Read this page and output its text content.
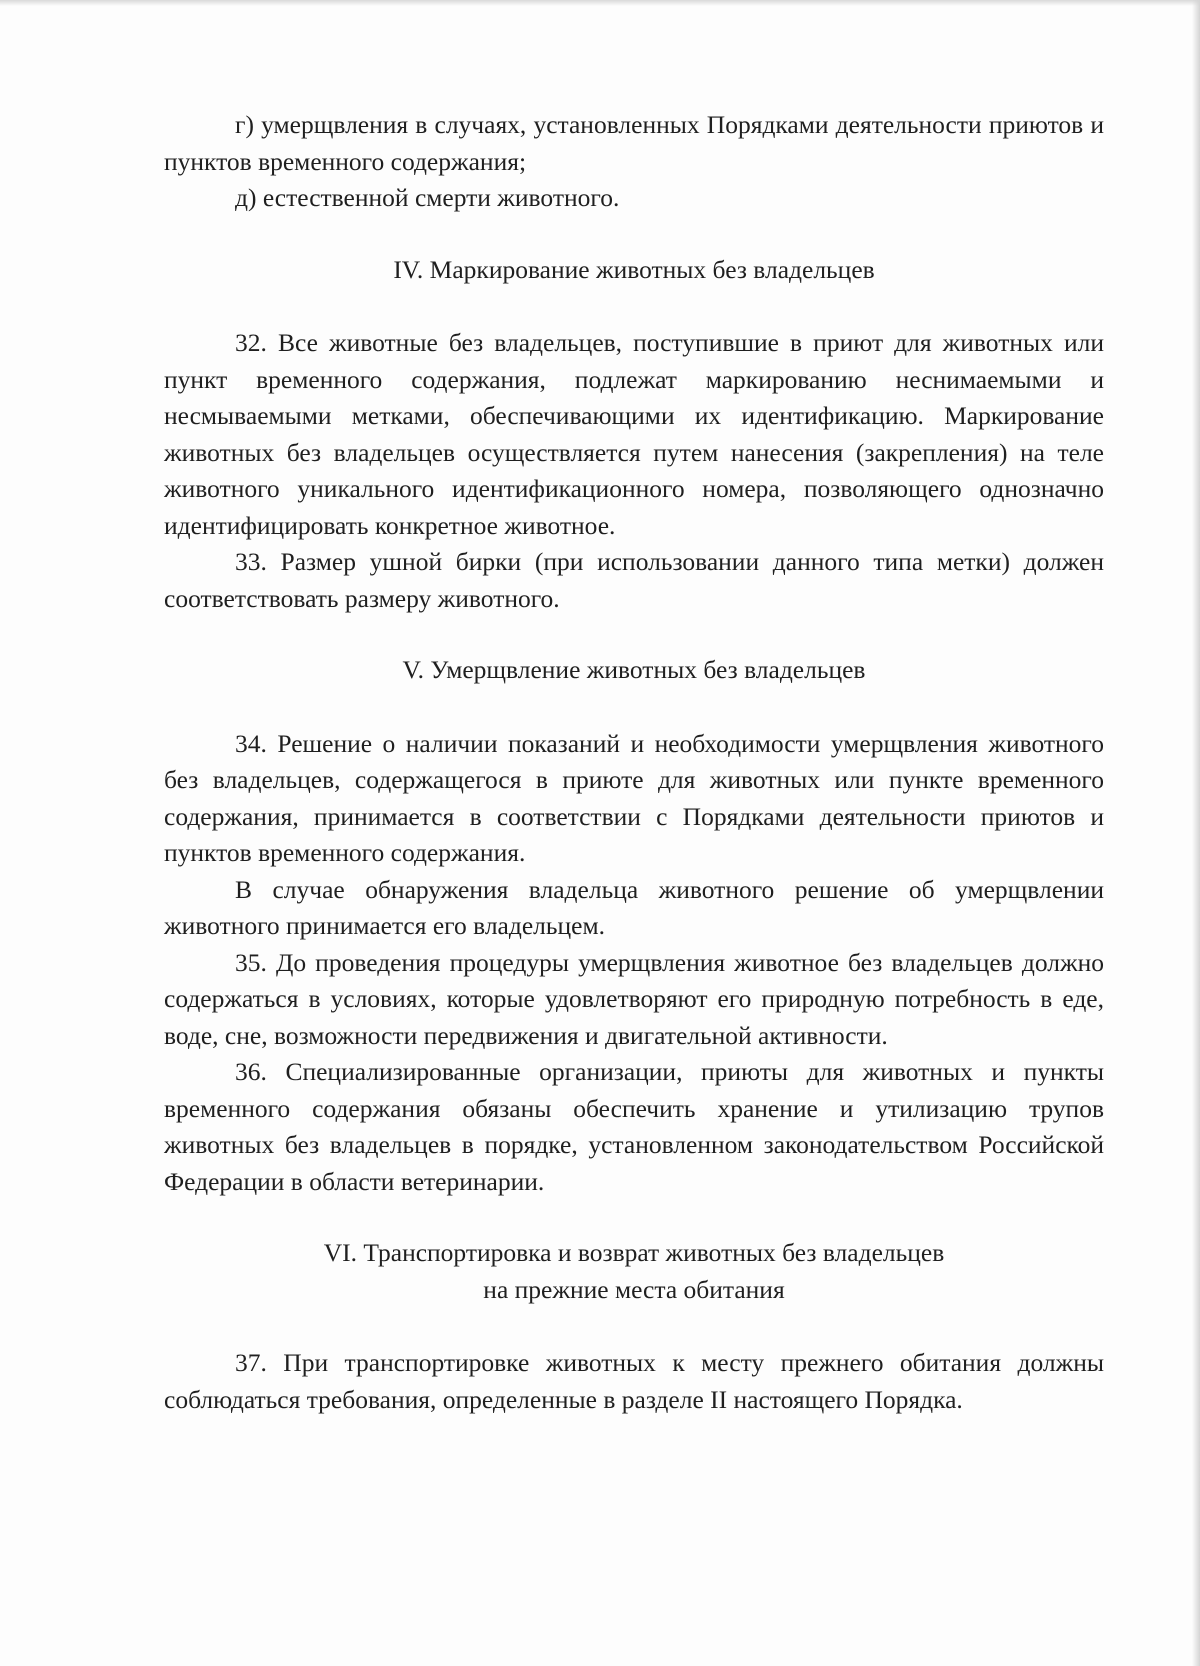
г) умерщвления в случаях, установленных Порядками деятельности приютов и пунктов временного содержания;

д) естественной смерти животного.

IV. Маркирование животных без владельцев

32. Все животные без владельцев, поступившие в приют для животных или пункт временного содержания, подлежат маркированию неснимаемыми и несмываемыми метками, обеспечивающими их идентификацию. Маркирование животных без владельцев осуществляется путем нанесения (закрепления) на теле животного уникального идентификационного номера, позволяющего однозначно идентифицировать конкретное животное.

33. Размер ушной бирки (при использовании данного типа метки) должен соответствовать размеру животного.

V. Умерщвление животных без владельцев

34. Решение о наличии показаний и необходимости умерщвления животного без владельцев, содержащегося в приюте для животных или пункте временного содержания, принимается в соответствии с Порядками деятельности приютов и пунктов временного содержания.

В случае обнаружения владельца животного решение об умерщвлении животного принимается его владельцем.

35. До проведения процедуры умерщвления животное без владельцев должно содержаться в условиях, которые удовлетворяют его природную потребность в еде, воде, сне, возможности передвижения и двигательной активности.

36. Специализированные организации, приюты для животных и пункты временного содержания обязаны обеспечить хранение и утилизацию трупов животных без владельцев в порядке, установленном законодательством Российской Федерации в области ветеринарии.

VI. Транспортировка и возврат животных без владельцев

на прежние места обитания

37. При транспортировке животных к месту прежнего обитания должны соблюдаться требования, определенные в разделе II настоящего Порядка.
